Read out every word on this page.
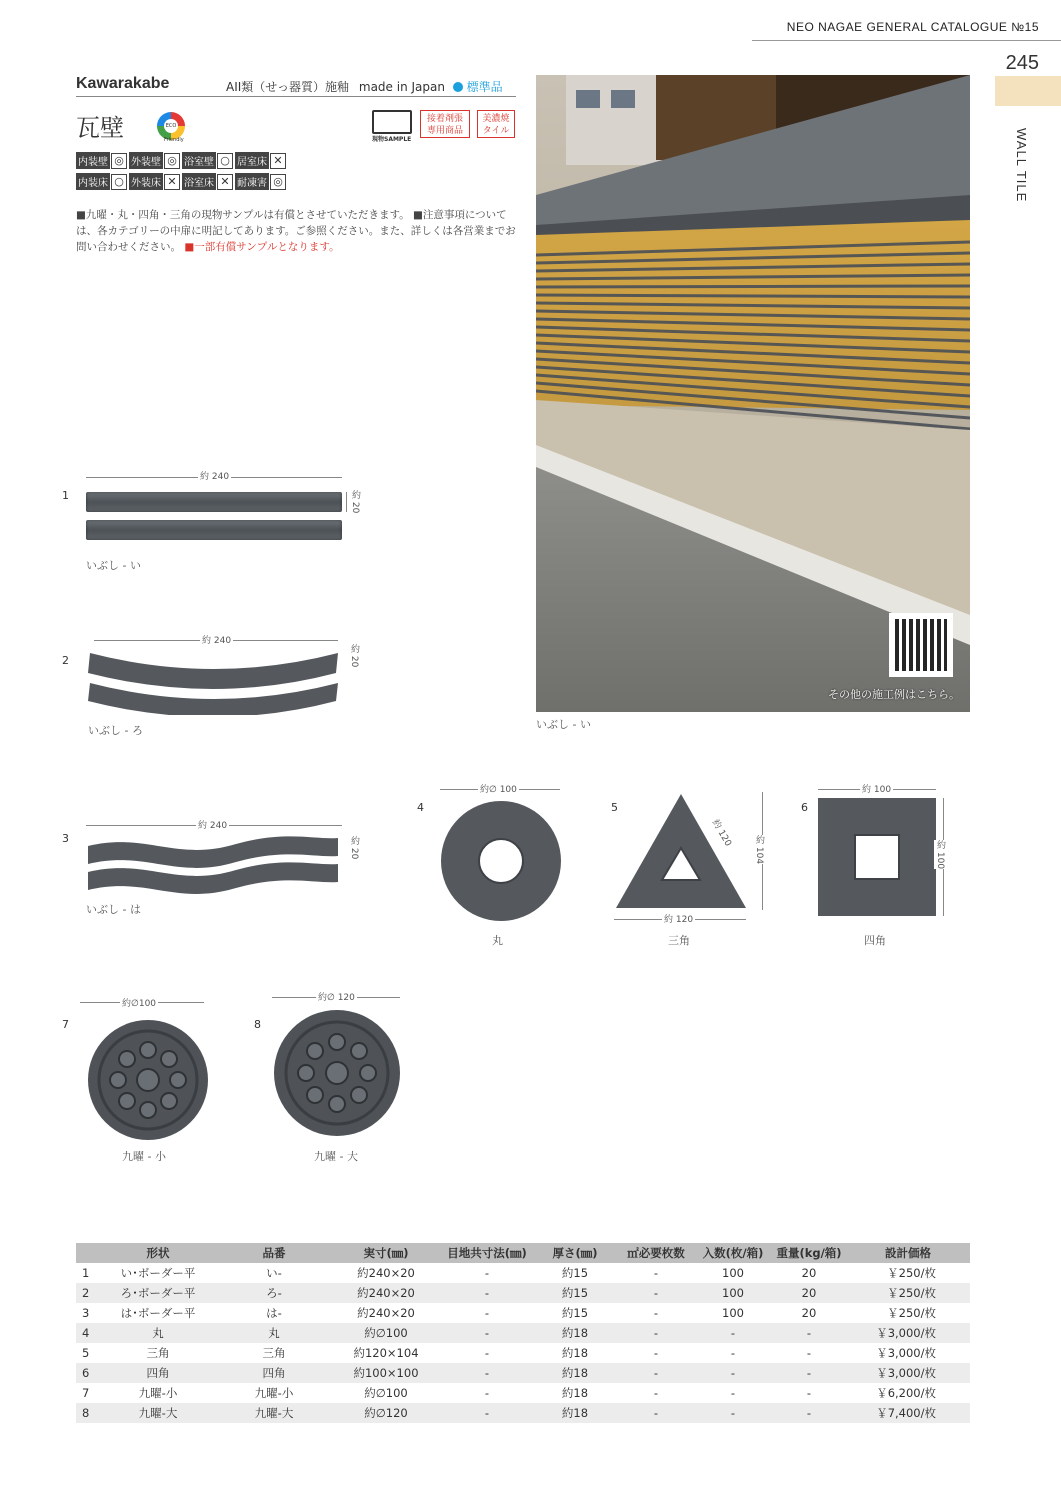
NEO NAGAE GENERAL CATALOGUE №15
245
WALL TILE
Kawarakabe	AII類（せっ器質）施釉 made in Japan 標準品
瓦壁	ECO Friendly	現物SAMPLE
接着剤張
専用商品
美濃焼
タイル
内装壁 ◎ 外装壁 ◎ 浴室壁 ○ 居室床 ✕
内装床 ○ 外装床 ✕ 浴室床 ✕ 耐凍害 ◎
■九曜・丸・四角・三角の現物サンプルは有償とさせていただきます。 ■注意事項については、各カテゴリーの中扉に明記してあります。ご参照ください。また、詳しくは各営業までお問い合わせください。 ■一部有償サンプルとなります。
その他の施工例はこちら。
いぶし - い
1
約 240
約 20
いぶし - い
2
約 240
約 20
いぶし - ろ
3
約 240
約 20
いぶし - は
4
約∅ 100
丸
5
約 120
約 104
約 120
三角
6
約 100
約 100
四角
7
約∅100
九曜 - 小
8
約∅ 120
九曜 - 大
	形状	品番	実寸(㎜)	目地共寸法(㎜)	厚さ(㎜)	㎡必要枚数	入数(枚/箱)	重量(kg/箱)	設計価格
1	い･ボーダー平	い-	約240×20	-	約15	-	100	20	￥250/枚
2	ろ･ボーダー平	ろ-	約240×20	-	約15	-	100	20	￥250/枚
3	は･ボーダー平	は-	約240×20	-	約15	-	100	20	￥250/枚
4	丸	丸	約∅100	-	約18	-	-	-	￥3,000/枚
5	三角	三角	約120×104	-	約18	-	-	-	￥3,000/枚
6	四角	四角	約100×100	-	約18	-	-	-	￥3,000/枚
7	九曜-小	九曜-小	約∅100	-	約18	-	-	-	￥6,200/枚
8	九曜-大	九曜-大	約∅120	-	約18	-	-	-	￥7,400/枚
